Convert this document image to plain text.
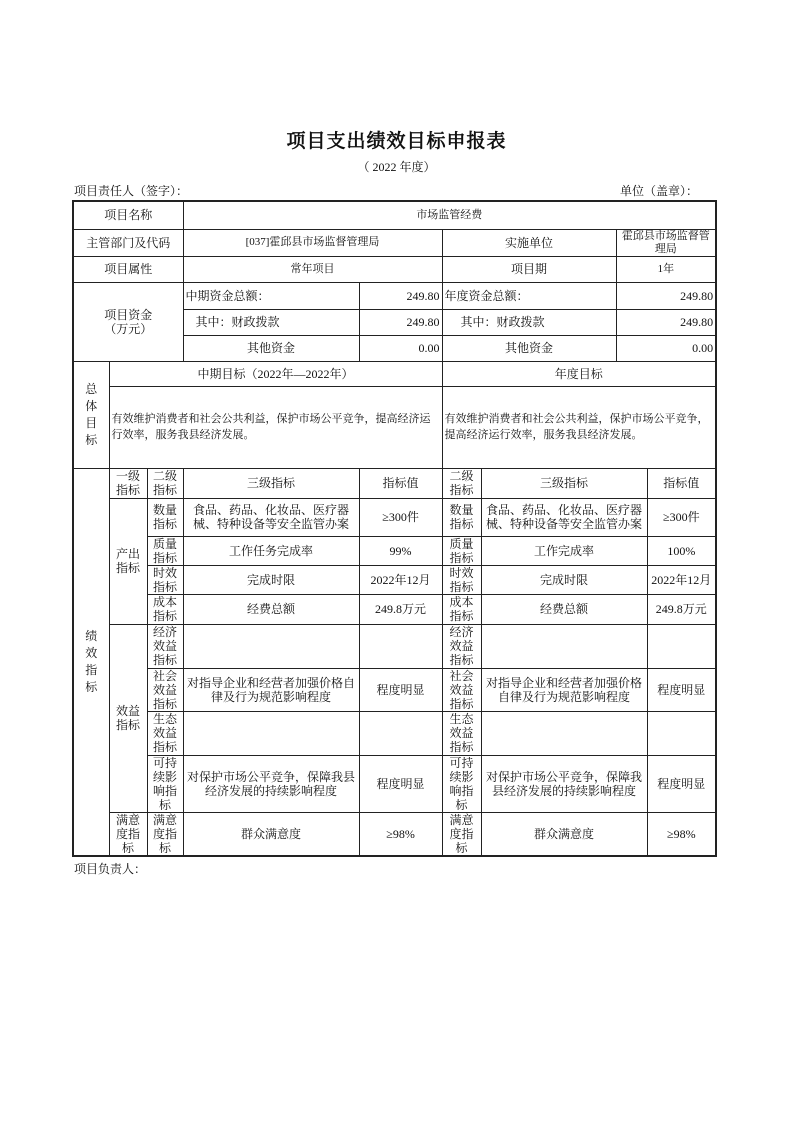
项目支出绩效目标申报表
（ 2022 年度）
项目责任人（签字）：	单位（盖章）：
项目名称			市场监管经费					
主管部门及代码			[037]霍邱县市场监督管理局		实施单位		霍邱县市场监督管理局	
项目属性			常年项目		项目期		1年	
项目资金（万元）			中期资金总额：	249.80	年度资金总额：		249.80	
			其中：财政拨款	249.80	其中：财政拨款		249.80	
			其他资金	0.00	其他资金		0.00	

总体目标	中期目标（2022年—2022年）				年度目标			
	有效维护消费者和社会公共利益，保护市场公平竞争，提高经济运行效率，服务我县经济发展。				有效维护消费者和社会公共利益，保护市场公平竞争，提高经济运行效率，服务我县经济发展。			

绩效指标	一级指标	二级指标	三级指标	指标值	二级指标	三级指标		指标值
	产出指标	数量指标	食品、药品、化妆品、医疗器械、特种设备等安全监管办案	≥300件	数量指标	食品、药品、化妆品、医疗器械、特种设备等安全监管办案		≥300件
		质量指标	工作任务完成率	99%	质量指标	工作完成率		100%
		时效指标	完成时限	2022年12月	时效指标	完成时限		2022年12月
		成本指标	经费总额	249.8万元	成本指标	经费总额		249.8万元
	效益指标	经济效益指标			经济效益指标			
		社会效益指标	对指导企业和经营者加强价格自律及行为规范影响程度	程度明显	社会效益指标	对指导企业和经营者加强价格自律及行为规范影响程度		程度明显
		生态效益指标			生态效益指标			
		可持续影响指标	对保护市场公平竞争，保障我县经济发展的持续影响程度	程度明显	可持续影响指标	对保护市场公平竞争，保障我县经济发展的持续影响程度		程度明显
	满意度指标	满意度指标	群众满意度	≥98%	满意度指标	群众满意度		≥98%
项目负责人：
